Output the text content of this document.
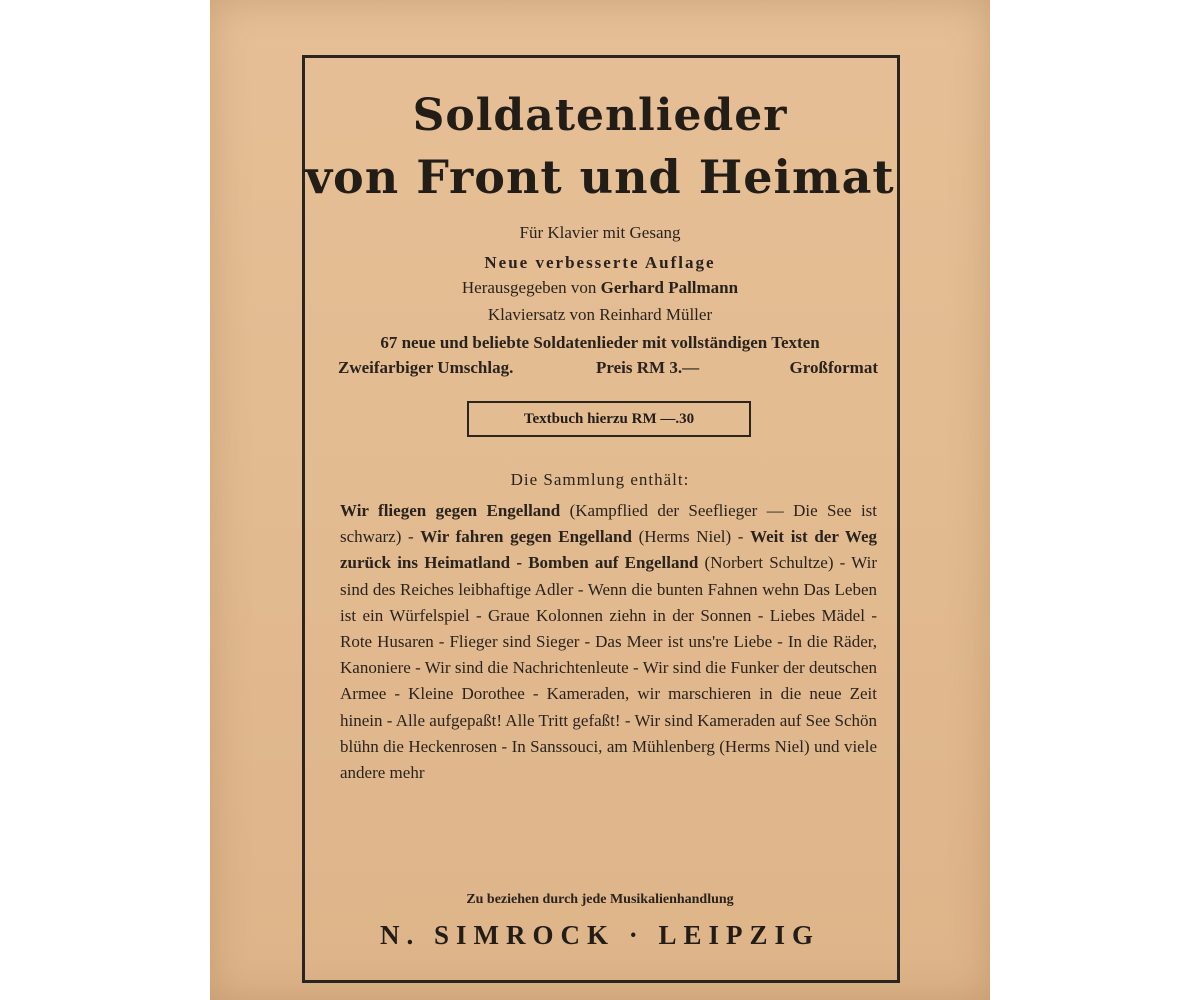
Soldatenlieder
von Front und Heimat
Für Klavier mit Gesang
Neue verbesserte Auflage
Herausgegeben von Gerhard Pallmann
Klaviersatz von Reinhard Müller
67 neue und beliebte Soldatenlieder mit vollständigen Texten
Zweifarbiger Umschlag.	Preis RM 3.—	Großformat
Textbuch hierzu RM —.30
Die Sammlung enthält:
Wir fliegen gegen Engelland (Kampflied der Seeflieger — Die See ist schwarz) - Wir fahren gegen Engelland (Herms Niel) - Weit ist der Weg zurück ins Heimatland - Bomben auf Engelland (Norbert Schultze) - Wir sind des Reiches leibhaftige Adler - Wenn die bunten Fahnen wehn Das Leben ist ein Würfelspiel - Graue Kolonnen ziehn in der Sonnen - Liebes Mädel - Rote Husaren - Flieger sind Sieger - Das Meer ist uns're Liebe - In die Räder, Kanoniere - Wir sind die Nachrichtenleute - Wir sind die Funker der deutschen Armee - Kleine Dorothee - Kameraden, wir marschieren in die neue Zeit hinein - Alle aufgepaßt! Alle Tritt gefaßt! - Wir sind Kameraden auf See Schön blühn die Heckenrosen - In Sanssouci, am Mühlenberg (Herms Niel) und viele andere mehr
Zu beziehen durch jede Musikalienhandlung
N. SIMROCK · LEIPZIG
